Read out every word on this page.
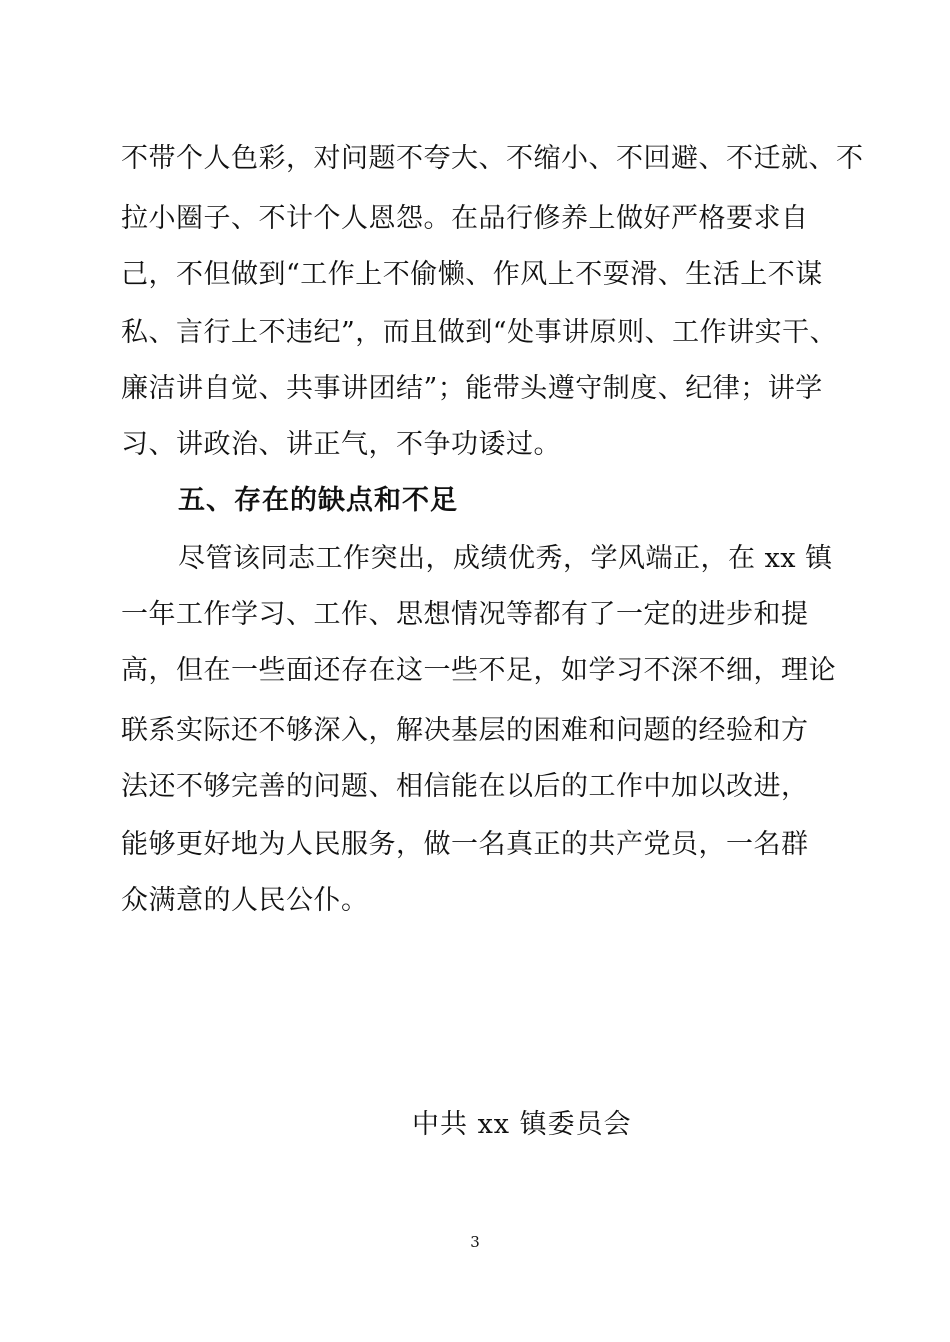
不带个人色彩，对问题不夸大、不缩小、不回避、不迁就、不
拉小圈子、不计个人恩怨。在品行修养上做好严格要求自
己，不但做到“工作上不偷懒、作风上不耍滑、生活上不谋
私、言行上不违纪”，而且做到“处事讲原则、工作讲实干、
廉洁讲自觉、共事讲团结”；能带头遵守制度、纪律；讲学
习、讲政治、讲正气，不争功诿过。
五、存在的缺点和不足
尽管该同志工作突出，成绩优秀，学风端正，在 xx 镇
一年工作学习、工作、思想情况等都有了一定的进步和提
高，但在一些面还存在这一些不足，如学习不深不细，理论
联系实际还不够深入，解决基层的困难和问题的经验和方
法还不够完善的问题、相信能在以后的工作中加以改进，
能够更好地为人民服务，做一名真正的共产党员，一名群
众满意的人民公仆。
中共 xx 镇委员会
3
